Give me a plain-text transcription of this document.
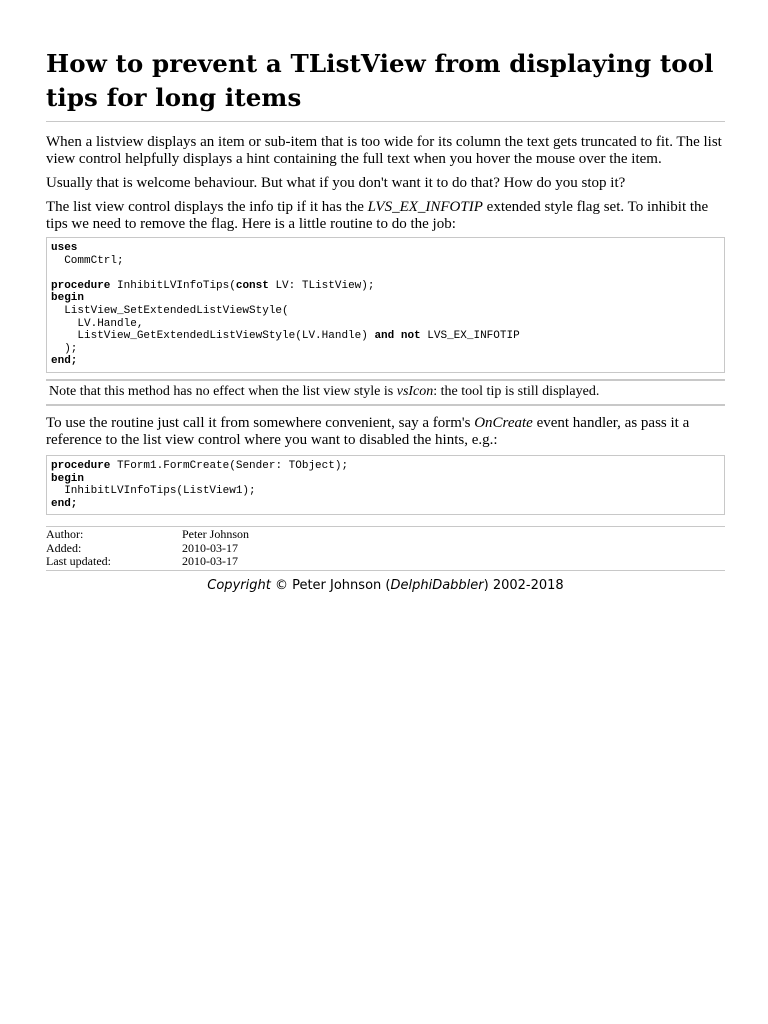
How to prevent a TListView from displaying tool tips for long items

When a listview displays an item or sub-item that is too wide for its column the text gets truncated to fit. The list view control helpfully displays a hint containing the full text when you hover the mouse over the item.

Usually that is welcome behaviour. But what if you don't want it to do that? How do you stop it?

The list view control displays the info tip if it has the LVS_EX_INFOTIP extended style flag set. To inhibit the tips we need to remove the flag. Here is a little routine to do the job:

uses
CommCtrl;

procedure InhibitLVInfoTips(const LV: TListView);
begin
ListView_SetExtendedListViewStyle(
LV.Handle,
ListView_GetExtendedListViewStyle(LV.Handle) and not LVS_EX_INFOTIP
);
end;
Note that this method has no effect when the list view style is vsIcon: the tool tip is still displayed.

To use the routine just call it from somewhere convenient, say a form's OnCreate event handler, as pass it a reference to the list view control where you want to disabled the hints, e.g.:

procedure TForm1.FormCreate(Sender: TObject);
begin
InhibitLVInfoTips(ListView1);
end;
Author:	Peter Johnson
Added:	2010-03-17
Last updated:	2010-03-17
Copyright © Peter Johnson (DelphiDabbler) 2002-2018
